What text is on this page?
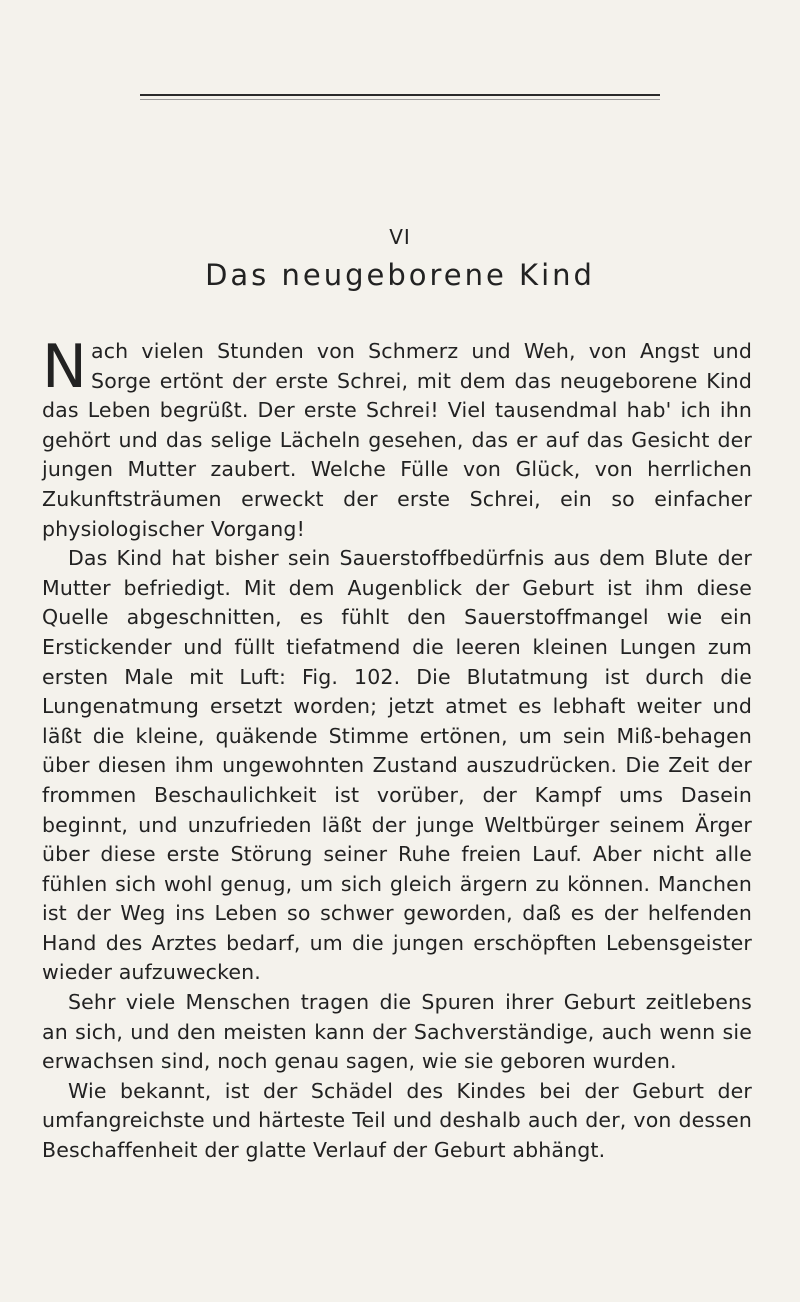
VI
Das neugeborene Kind

Nach vielen Stunden von Schmerz und Weh, von Angst und Sorge ertönt der erste Schrei, mit dem das neugeborene Kind das Leben begrüßt. Der erste Schrei! Viel tausendmal hab' ich ihn gehört und das selige Lächeln gesehen, das er auf das Gesicht der jungen Mutter zaubert. Welche Fülle von Glück, von herrlichen Zukunftsträumen erweckt der erste Schrei, ein so einfacher physiologischer Vorgang!

Das Kind hat bisher sein Sauerstoffbedürfnis aus dem Blute der Mutter befriedigt. Mit dem Augenblick der Geburt ist ihm diese Quelle abgeschnitten, es fühlt den Sauerstoffmangel wie ein Erstickender und füllt tiefatmend die leeren kleinen Lungen zum ersten Male mit Luft: Fig. 102. Die Blutatmung ist durch die Lungenatmung ersetzt worden; jetzt atmet es lebhaft weiter und läßt die kleine, quäkende Stimme ertönen, um sein Miß-behagen über diesen ihm ungewohnten Zustand auszudrücken. Die Zeit der frommen Beschaulichkeit ist vorüber, der Kampf ums Dasein beginnt, und unzufrieden läßt der junge Weltbürger seinem Ärger über diese erste Störung seiner Ruhe freien Lauf. Aber nicht alle fühlen sich wohl genug, um sich gleich ärgern zu können. Manchen ist der Weg ins Leben so schwer geworden, daß es der helfenden Hand des Arztes bedarf, um die jungen erschöpften Lebensgeister wieder aufzuwecken.

Sehr viele Menschen tragen die Spuren ihrer Geburt zeitlebens an sich, und den meisten kann der Sachverständige, auch wenn sie erwachsen sind, noch genau sagen, wie sie geboren wurden.

Wie bekannt, ist der Schädel des Kindes bei der Geburt der umfangreichste und härteste Teil und deshalb auch der, von dessen Beschaffenheit der glatte Verlauf der Geburt abhängt.
